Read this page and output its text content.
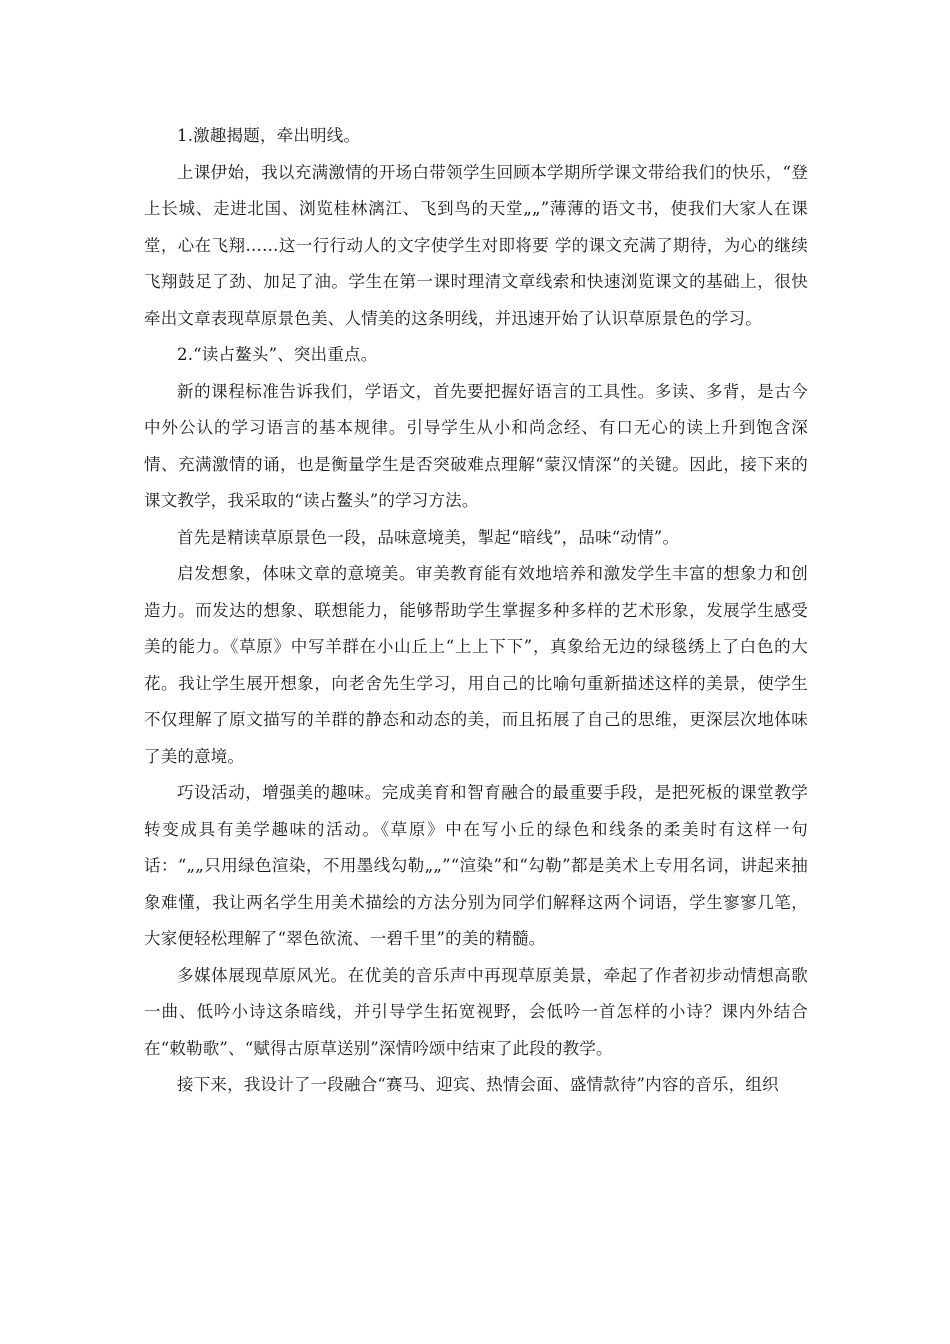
1.激趣揭题，牵出明线。

上课伊始，我以充满激情的开场白带领学生回顾本学期所学课文带给我们的快乐，“登上长城、走进北国、浏览桂林漓江、飞到鸟的天堂„„”薄薄的语文书，使我们大家人在课堂，心在飞翔……这一行行动人的文字使学生对即将要 学的课文充满了期待，为心的继续飞翔鼓足了劲、加足了油。学生在第一课时理清文章线索和快速浏览课文的基础上，很快牵出文章表现草原景色美、人情美的这条明线，并迅速开始了认识草原景色的学习。

2.“读占鳌头”、突出重点。

新的课程标准告诉我们，学语文，首先要把握好语言的工具性。多读、多背，是古今中外公认的学习语言的基本规律。引导学生从小和尚念经、有口无心的读上升到饱含深情、充满激情的诵，也是衡量学生是否突破难点理解“蒙汉情深”的关键。因此，接下来的课文教学，我采取的“读占鳌头”的学习方法。

首先是精读草原景色一段，品味意境美，掣起“暗线”，品味“动情”。

启发想象，体味文章的意境美。审美教育能有效地培养和激发学生丰富的想象力和创造力。而发达的想象、联想能力，能够帮助学生掌握多种多样的艺术形象，发展学生感受美的能力。《草原》中写羊群在小山丘上“上上下下”，真象给无边的绿毯绣上了白色的大花。我让学生展开想象，向老舍先生学习，用自己的比喻句重新描述这样的美景，使学生不仅理解了原文描写的羊群的静态和动态的美，而且拓展了自己的思维，更深层次地体味了美的意境。

巧设活动，增强美的趣味。完成美育和智育融合的最重要手段，是把死板的课堂教学转变成具有美学趣味的活动。《草原》中在写小丘的绿色和线条的柔美时有这样一句话：“„„只用绿色渲染，不用墨线勾勒„„”“渲染”和“勾勒”都是美术上专用名词，讲起来抽象难懂，我让两名学生用美术描绘的方法分别为同学们解释这两个词语，学生寥寥几笔，大家便轻松理解了“翠色欲流、一碧千里”的美的精髓。

多媒体展现草原风光。在优美的音乐声中再现草原美景，牵起了作者初步动情想高歌一曲、低吟小诗这条暗线，并引导学生拓宽视野，会低吟一首怎样的小诗？课内外结合在“敕勒歌”、“赋得古原草送别”深情吟颂中结束了此段的教学。

接下来，我设计了一段融合“赛马、迎宾、热情会面、盛情款待”内容的音乐，组织
